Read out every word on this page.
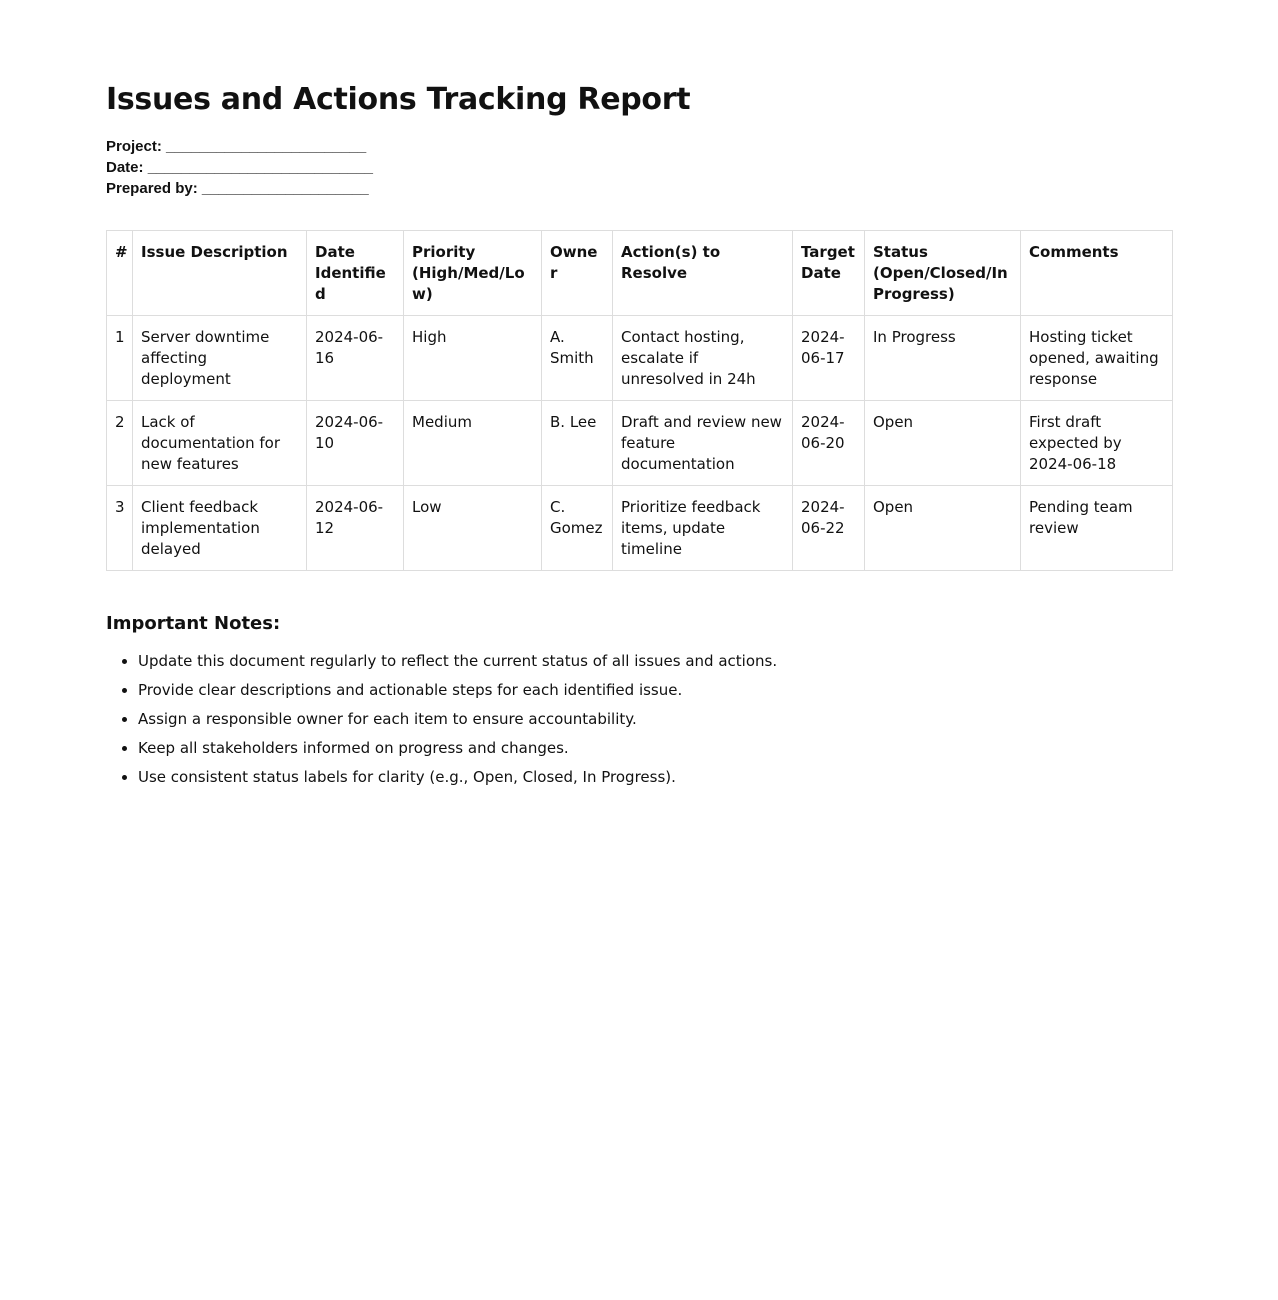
Issues and Actions Tracking Report
Project: ________________________
Date: ___________________________
Prepared by: ____________________
#	Issue Description	Date Identified	Priority (High/Med/Low)	Owner	Action(s) to Resolve	Target Date	Status (Open/Closed/In Progress)	Comments
1	Server downtime affecting deployment	2024-06-16	High	A. Smith	Contact hosting, escalate if unresolved in 24h	2024-06-17	In Progress	Hosting ticket opened, awaiting response
2	Lack of documentation for new features	2024-06-10	Medium	B. Lee	Draft and review new feature documentation	2024-06-20	Open	First draft expected by 2024-06-18
3	Client feedback implementation delayed	2024-06-12	Low	C. Gomez	Prioritize feedback items, update timeline	2024-06-22	Open	Pending team review
Important Notes:
• Update this document regularly to reflect the current status of all issues and actions.
• Provide clear descriptions and actionable steps for each identified issue.
• Assign a responsible owner for each item to ensure accountability.
• Keep all stakeholders informed on progress and changes.
• Use consistent status labels for clarity (e.g., Open, Closed, In Progress).
